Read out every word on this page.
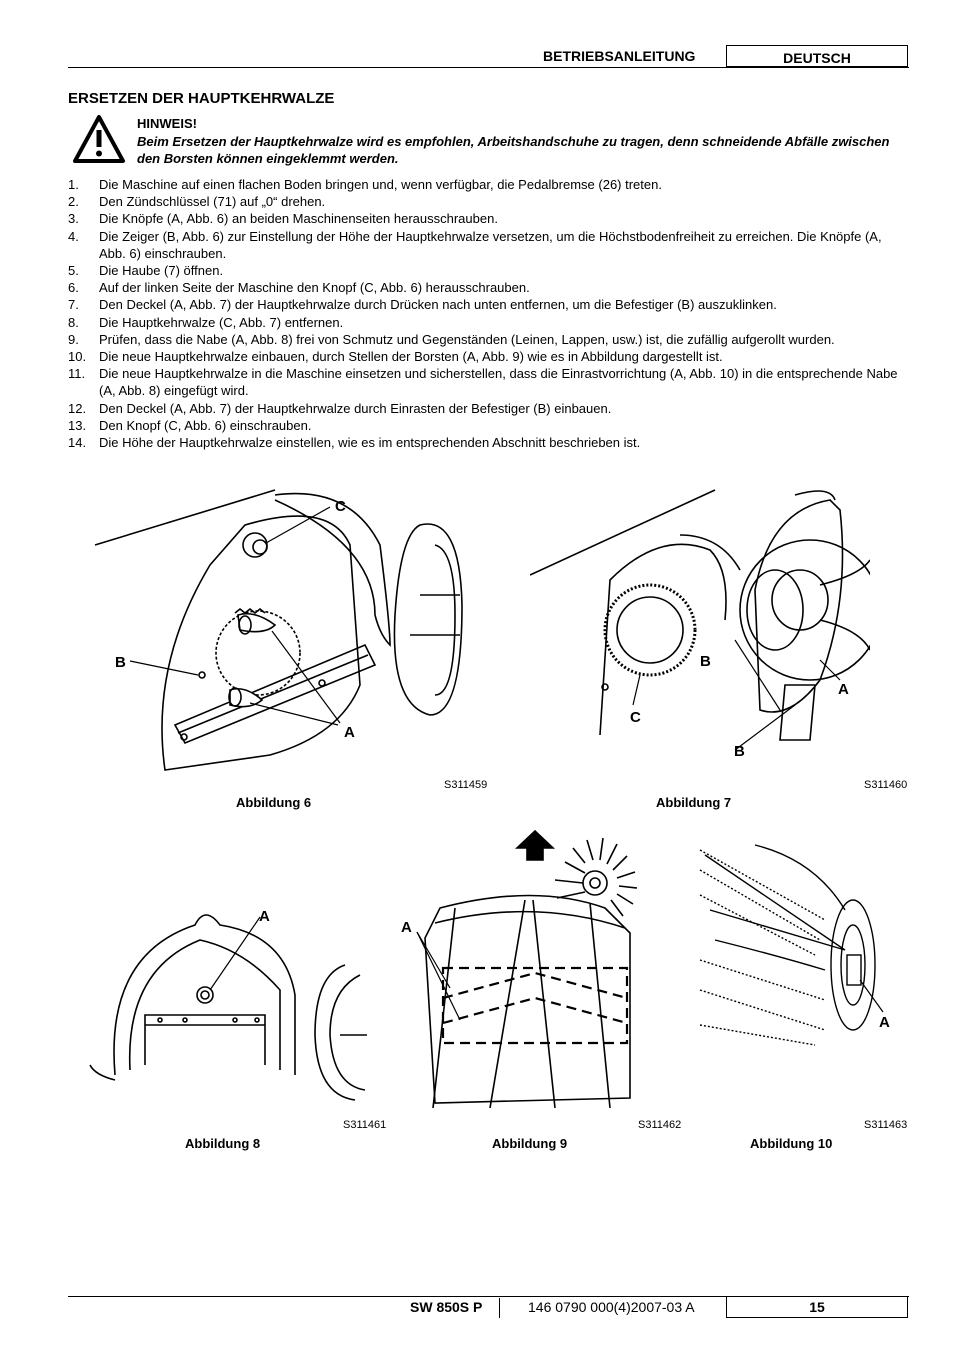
BETRIEBSANLEITUNG	DEUTSCH
ERSETZEN DER HAUPTKEHRWALZE
HINWEIS!
Beim Ersetzen der Hauptkehrwalze wird es empfohlen, Arbeitshandschuhe zu tragen, denn schneidende Abfälle zwischen den Borsten können eingeklemmt werden.
1. Die Maschine auf einen flachen Boden bringen und, wenn verfügbar, die Pedalbremse (26) treten.
2. Den Zündschlüssel (71) auf „0“ drehen.
3. Die Knöpfe (A, Abb. 6) an beiden Maschinenseiten herausschrauben.
4. Die Zeiger (B, Abb. 6) zur Einstellung der Höhe der Hauptkehrwalze versetzen, um die Höchstbodenfreiheit zu erreichen. Die Knöpfe (A, Abb. 6) einschrauben.
5. Die Haube (7) öffnen.
6. Auf der linken Seite der Maschine den Knopf (C, Abb. 6) herausschrauben.
7. Den Deckel (A, Abb. 7) der Hauptkehrwalze durch Drücken nach unten entfernen, um die Befestiger (B) auszuklinken.
8. Die Hauptkehrwalze (C, Abb. 7) entfernen.
9. Prüfen, dass die Nabe (A, Abb. 8) frei von Schmutz und Gegenständen (Leinen, Lappen, usw.) ist, die zufällig aufgerollt wurden.
10. Die neue Hauptkehrwalze einbauen, durch Stellen der Borsten (A, Abb. 9) wie es in Abbildung dargestellt ist.
11. Die neue Hauptkehrwalze in die Maschine einsetzen und sicherstellen, dass die Einrastvorrichtung (A, Abb. 10) in die entsprechende Nabe (A, Abb. 8) eingefügt wird.
12. Den Deckel (A, Abb. 7) der Hauptkehrwalze durch Einrasten der Befestiger (B) einbauen.
13. Den Knopf (C, Abb. 6) einschrauben.
14. Die Höhe der Hauptkehrwalze einstellen, wie es im entsprechenden Abschnitt beschrieben ist.
C
B
A
S311459
Abbildung 6
B
A
C
B
S311460
Abbildung 7
A
S311461
Abbildung 8
A
S311462
Abbildung 9
A
S311463
Abbildung 10
SW 850S P	146 0790 000(4)2007-03 A	15
